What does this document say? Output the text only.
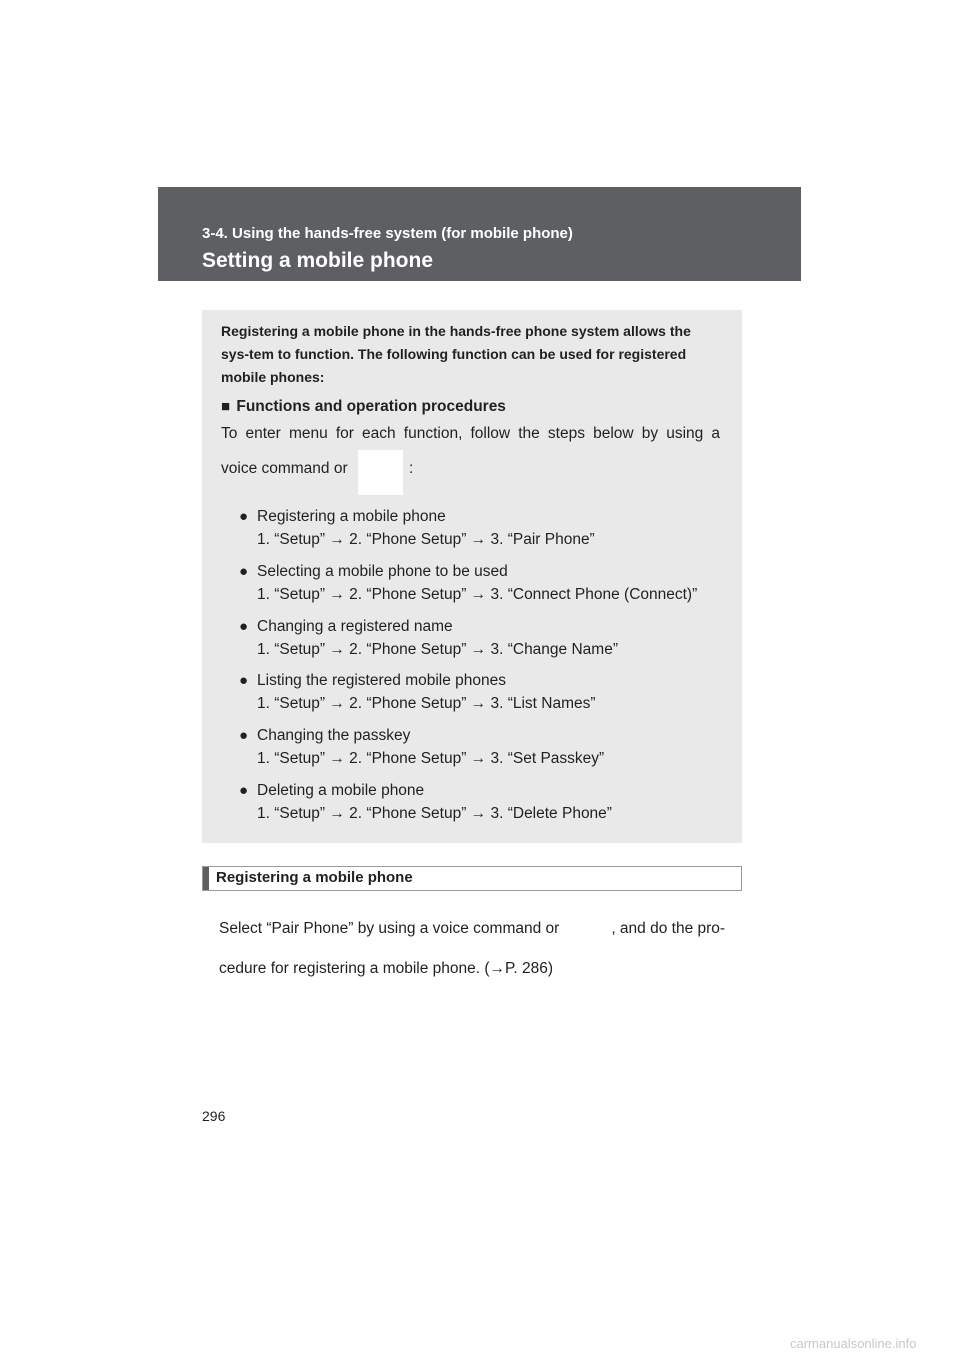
3-4. Using the hands-free system (for mobile phone)
Setting a mobile phone
Registering a mobile phone in the hands-free phone system allows the sys-tem to function. The following function can be used for registered mobile phones:
■ Functions and operation procedures
To enter menu for each function, follow the steps below by using a
voice command or	:
● Registering a mobile phone
1. “Setup” → 2. “Phone Setup” → 3. “Pair Phone”
● Selecting a mobile phone to be used
1. “Setup” → 2. “Phone Setup” → 3. “Connect Phone (Connect)”
● Changing a registered name
1. “Setup” → 2. “Phone Setup” → 3. “Change Name”
● Listing the registered mobile phones
1. “Setup” → 2. “Phone Setup” → 3. “List Names”
● Changing the passkey
1. “Setup” → 2. “Phone Setup” → 3. “Set Passkey”
● Deleting a mobile phone
1. “Setup” → 2. “Phone Setup” → 3. “Delete Phone”
Registering a mobile phone
Select “Pair Phone” by using a voice command or	, and do the pro-
cedure for registering a mobile phone. (→P. 286)
296
carmanualsonline.info
